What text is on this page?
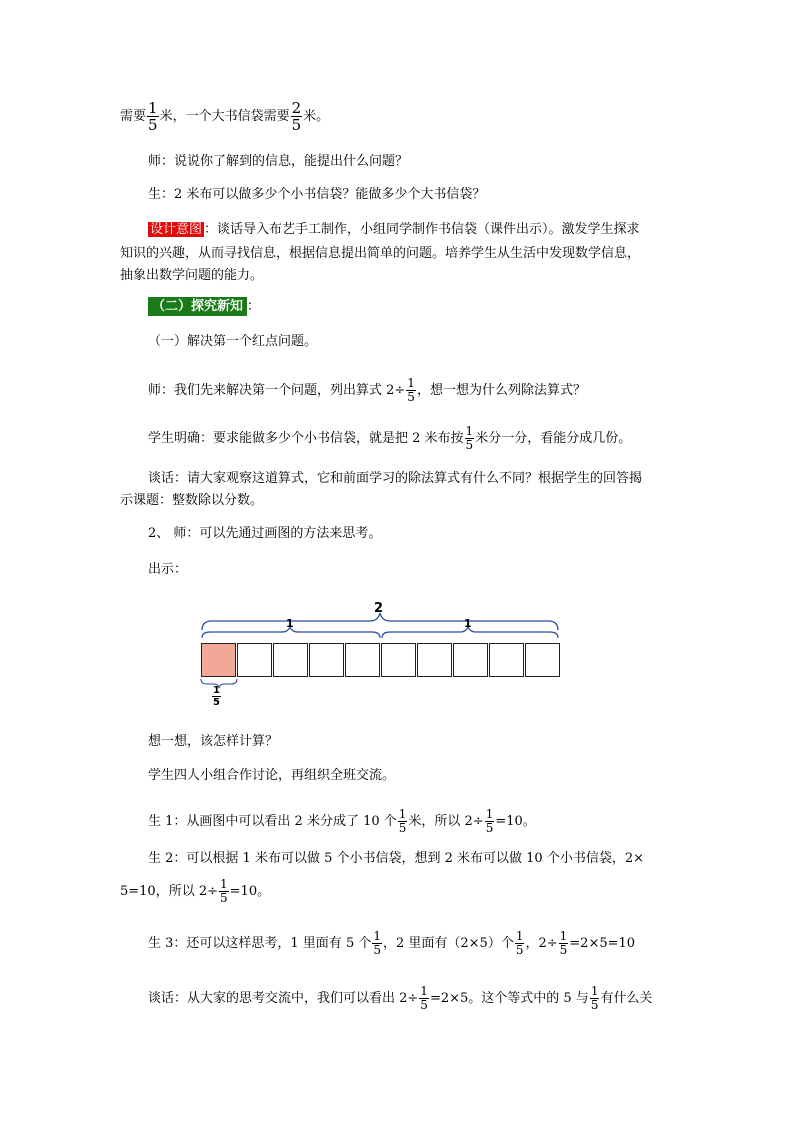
需要 $\frac{1}{5}$ 米，一个大书信袋需要 $\frac{2}{5}$ 米。
师：说说你了解到的信息，能提出什么问题？
生：2 米布可以做多少个小书信袋？能做多少个大书信袋？
设计意图 ：谈话导入布艺手工制作，小组同学制作书信袋（课件出示）。激发学生探求
知识的兴趣，从而寻找信息，根据信息提出简单的问题。培养学生从生活中发现数学信息，
抽象出数学问题的能力。
（二）探究新知 ：
（一）解决第一个红点问题。
师：我们先来解决第一个问题，列出算式 $2\div \frac{1}{5}$ ，想一想为什么列除法算式？
学生明确：要求能做多少个小书信袋，就是把 2 米布按 $\frac{1}{5}$ 米分一分，看能分成几份。
谈话：请大家观察这道算式，它和前面学习的除法算式有什么不同？根据学生的回答揭
示课题：整数除以分数。
2、 师：可以先通过画图的方法来思考。
出示：
2
1	1
$\frac{1}{5}$
想一想，该怎样计算？
学生四人小组合作讨论，再组织全班交流。
生 1：从画图中可以看出 2 米分成了 10 个 $\frac{1}{5}$ 米，所以 $2\div \frac{1}{5} =10$。
生 2：可以根据 1 米布可以做 5 个小书信袋，想到 2 米布可以做 10 个小书信袋，2×
5=10，所以 $2\div \frac{1}{5} =10$。
生 3：还可以这样思考，1 里面有 5 个 $\frac{1}{5}$ ，2 里面有（2×5）个 $\frac{1}{5}$ ，$2\div \frac{1}{5} =2\times 5=10$
谈话：从大家的思考交流中，我们可以看出 $2\div \frac{1}{5} =2\times 5$。这个等式中的 5 与 $\frac{1}{5}$ 有什么关
